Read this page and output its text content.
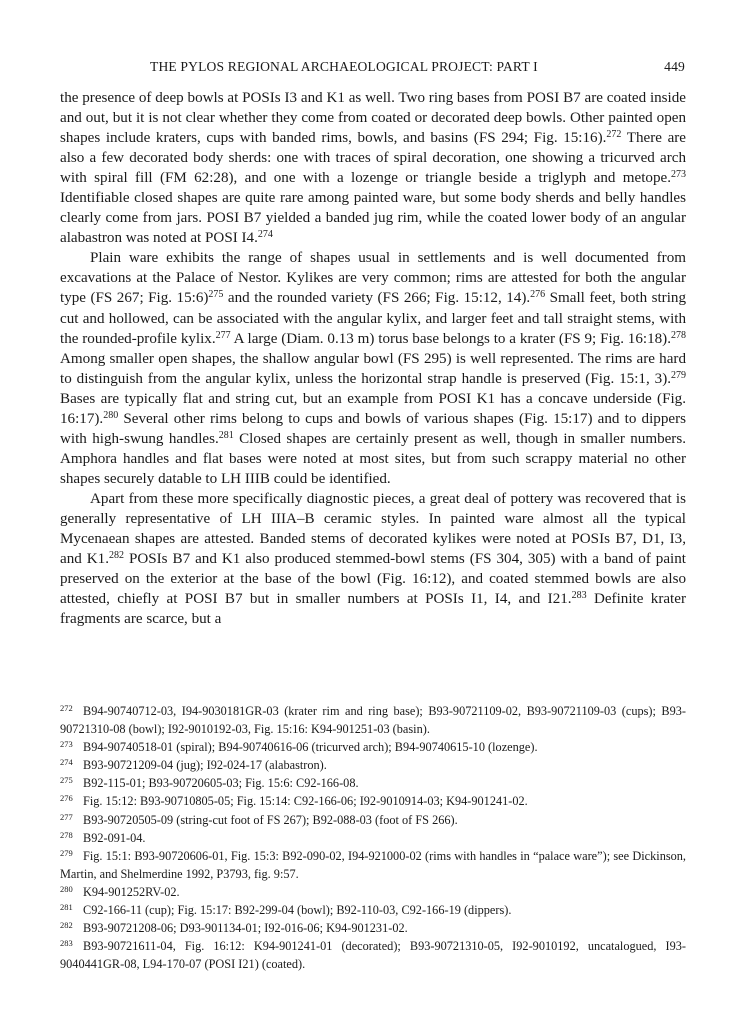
THE PYLOS REGIONAL ARCHAEOLOGICAL PROJECT: PART I	449

the presence of deep bowls at POSIs I3 and K1 as well. Two ring bases from POSI B7 are coated inside and out, but it is not clear whether they come from coated or decorated deep bowls. Other painted open shapes include kraters, cups with banded rims, bowls, and basins (FS 294; Fig. 15:16).$^{272}$ There are also a few decorated body sherds: one with traces of spiral decoration, one showing a tricurved arch with spiral fill (FM 62:28), and one with a lozenge or triangle beside a triglyph and metope.$^{273}$ Identifiable closed shapes are quite rare among painted ware, but some body sherds and belly handles clearly come from jars. POSI B7 yielded a banded jug rim, while the coated lower body of an angular alabastron was noted at POSI I4.$^{274}$

Plain ware exhibits the range of shapes usual in settlements and is well documented from excavations at the Palace of Nestor. Kylikes are very common; rims are attested for both the angular type (FS 267; Fig. 15:6)$^{275}$ and the rounded variety (FS 266; Fig. 15:12, 14).$^{276}$ Small feet, both string cut and hollowed, can be associated with the angular kylix, and larger feet and tall straight stems, with the rounded-profile kylix.$^{277}$ A large (Diam. 0.13 m) torus base belongs to a krater (FS 9; Fig. 16:18).$^{278}$ Among smaller open shapes, the shallow angular bowl (FS 295) is well represented. The rims are hard to distinguish from the angular kylix, unless the horizontal strap handle is preserved (Fig. 15:1, 3).$^{279}$ Bases are typically flat and string cut, but an example from POSI K1 has a concave underside (Fig. 16:17).$^{280}$ Several other rims belong to cups and bowls of various shapes (Fig. 15:17) and to dippers with high-swung handles.$^{281}$ Closed shapes are certainly present as well, though in smaller numbers. Amphora handles and flat bases were noted at most sites, but from such scrappy material no other shapes securely datable to LH IIIB could be identified.

Apart from these more specifically diagnostic pieces, a great deal of pottery was recovered that is generally representative of LH IIIA–B ceramic styles. In painted ware almost all the typical Mycenaean shapes are attested. Banded stems of decorated kylikes were noted at POSIs B7, D1, I3, and K1.$^{282}$ POSIs B7 and K1 also produced stemmed-bowl stems (FS 304, 305) with a band of paint preserved on the exterior at the base of the bowl (Fig. 16:12), and coated stemmed bowls are also attested, chiefly at POSI B7 but in smaller numbers at POSIs I1, I4, and I21.$^{283}$ Definite krater fragments are scarce, but a

272 B94-90740712-03, I94-9030181GR-03 (krater rim and ring base); B93-90721109-02, B93-90721109-03 (cups); B93-90721310-08 (bowl); I92-9010192-03, Fig. 15:16: K94-901251-03 (basin).

273 B94-90740518-01 (spiral); B94-90740616-06 (tricurved arch); B94-90740615-10 (lozenge).

274 B93-90721209-04 (jug); I92-024-17 (alabastron).

275 B92-115-01; B93-90720605-03; Fig. 15:6: C92-166-08.

276 Fig. 15:12: B93-90710805-05; Fig. 15:14: C92-166-06; I92-9010914-03; K94-901241-02.

277 B93-90720505-09 (string-cut foot of FS 267); B92-088-03 (foot of FS 266).

278 B92-091-04.

279 Fig. 15:1: B93-90720606-01, Fig. 15:3: B92-090-02, I94-921000-02 (rims with handles in “palace ware”); see Dickinson, Martin, and Shelmerdine 1992, P3793, fig. 9:57.

280 K94-901252RV-02.

281 C92-166-11 (cup); Fig. 15:17: B92-299-04 (bowl); B92-110-03, C92-166-19 (dippers).

282 B93-90721208-06; D93-901134-01; I92-016-06; K94-901231-02.

283 B93-90721611-04, Fig. 16:12: K94-901241-01 (decorated); B93-90721310-05, I92-9010192, uncatalogued, I93-9040441GR-08, L94-170-07 (POSI I21) (coated).
